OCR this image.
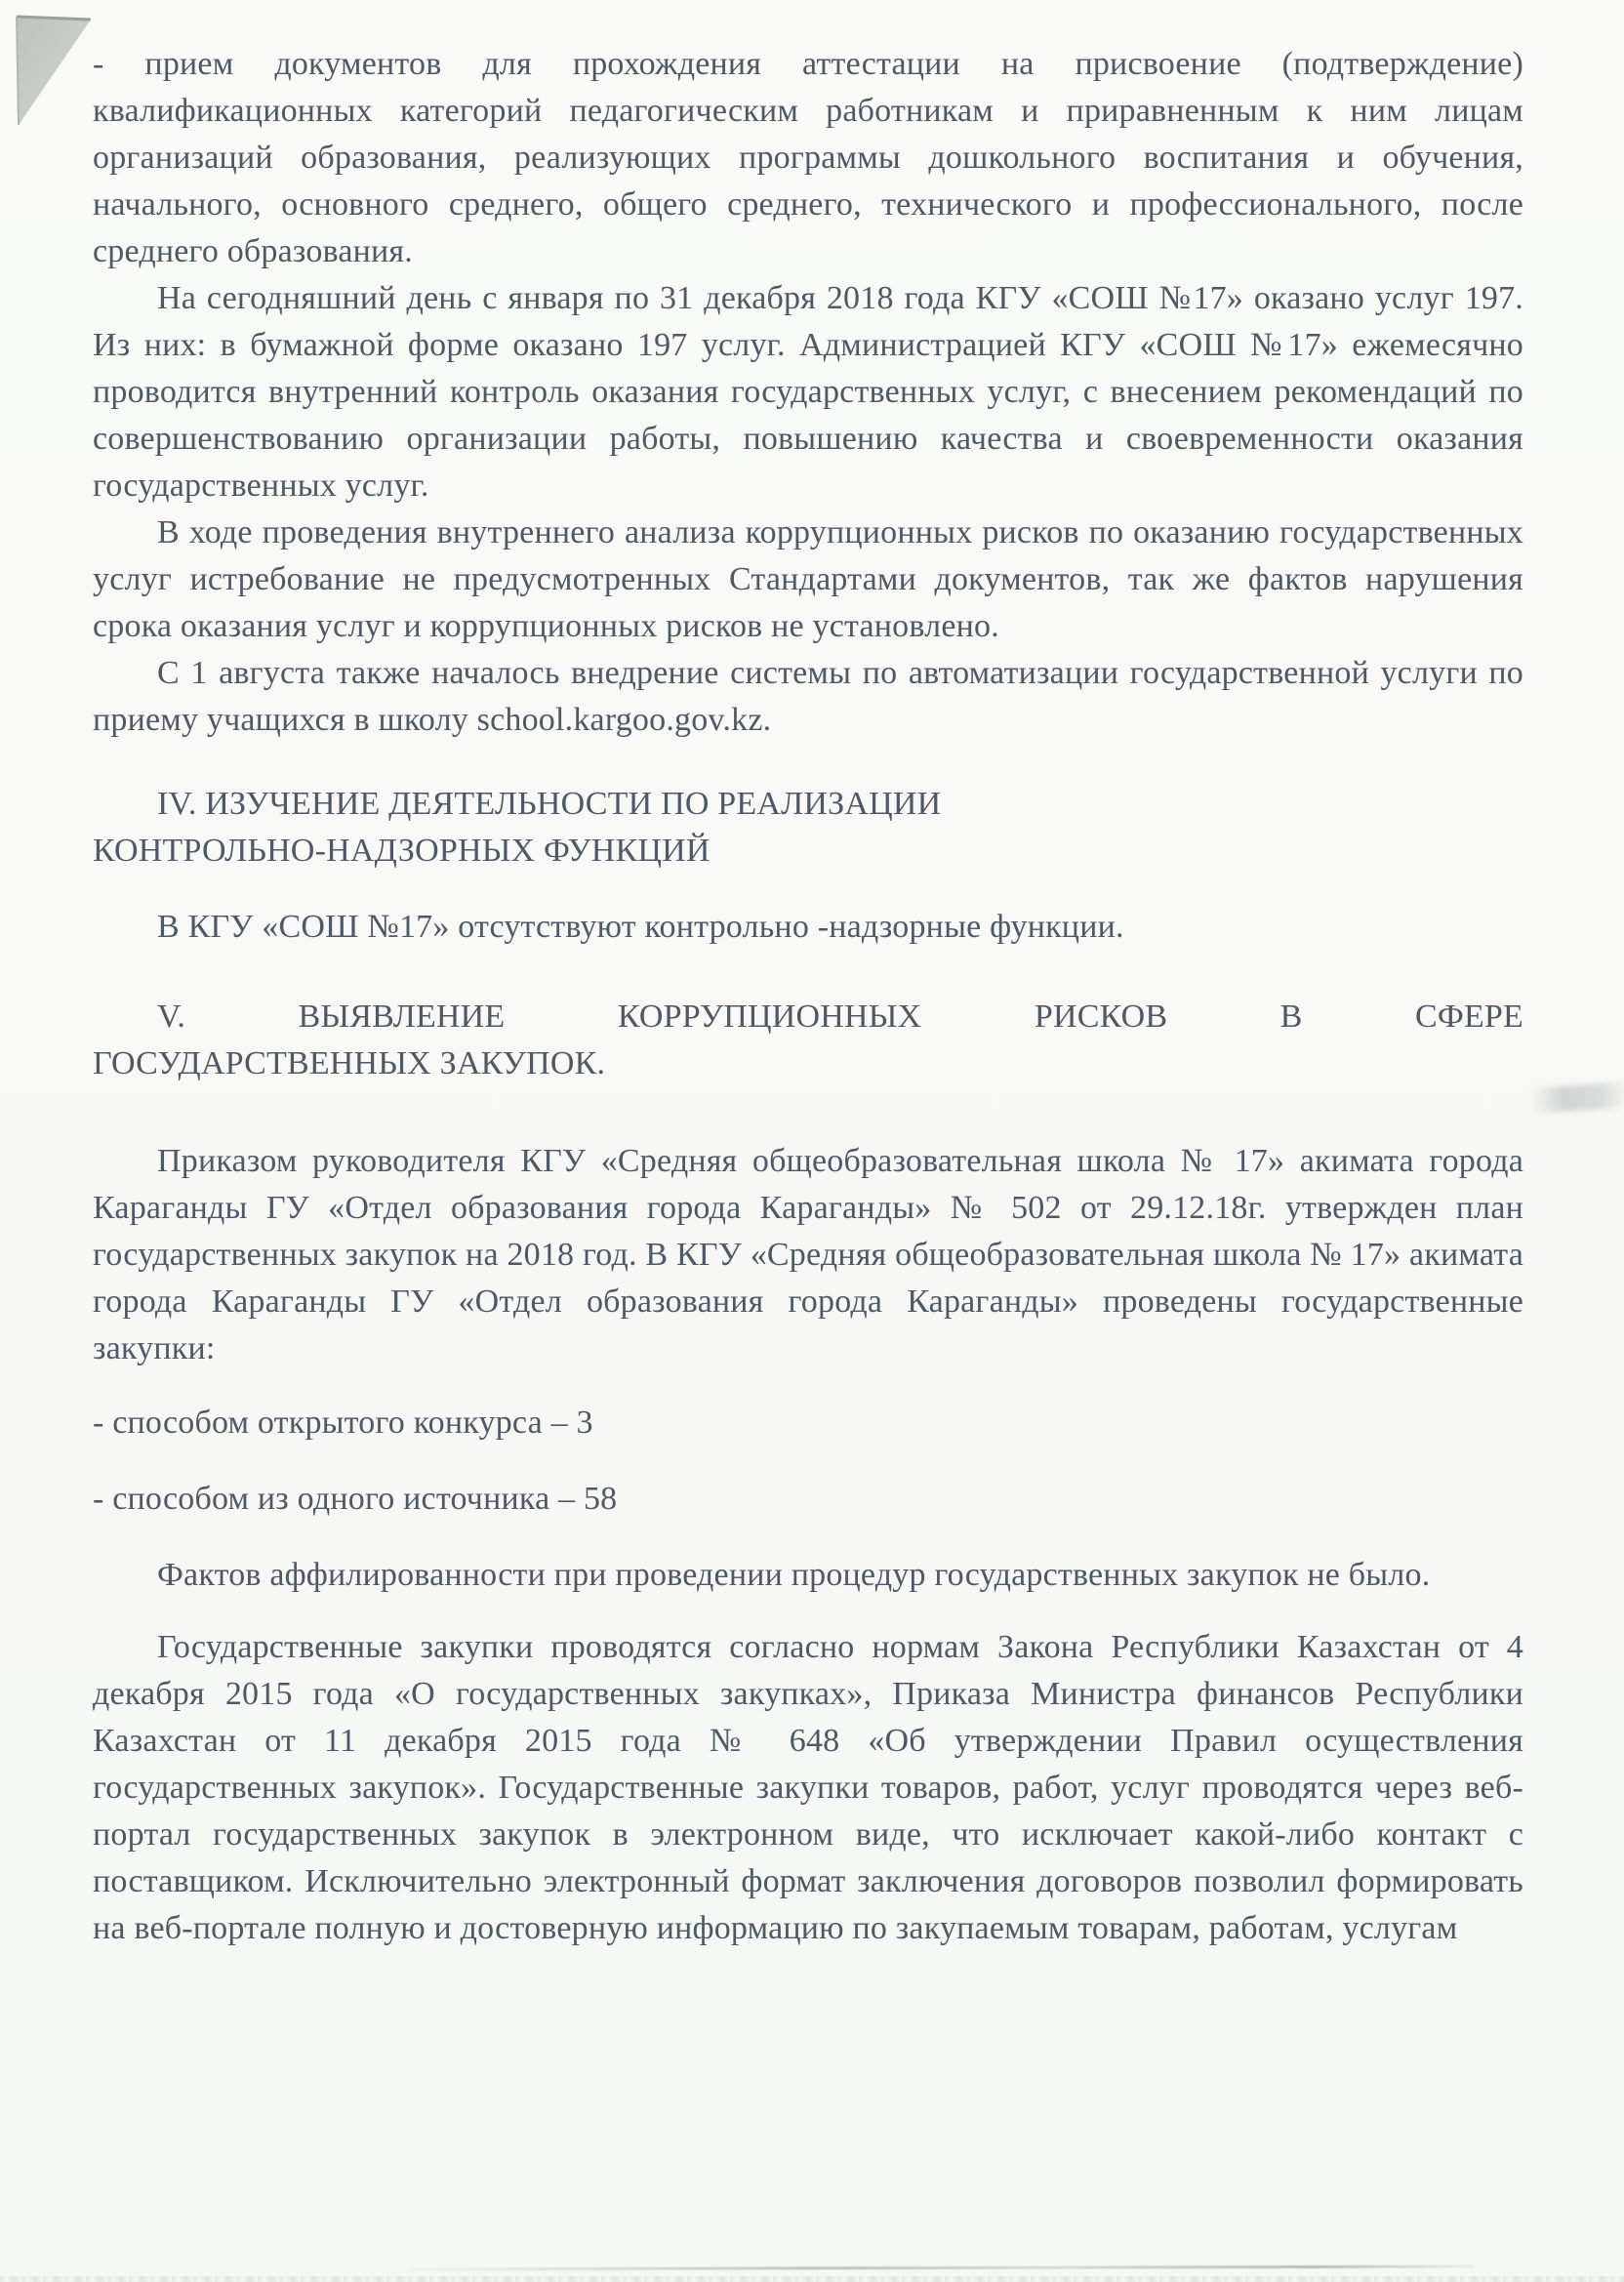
- прием документов для прохождения аттестации на присвоение (подтверждение) квалификационных категорий педагогическим работникам и приравненным к ним лицам организаций образования, реализующих программы дошкольного воспитания и обучения, начального, основного среднего, общего среднего, технического и профессионального, после среднего образования.

На сегодняшний день с января по 31 декабря 2018 года КГУ «СОШ №17» оказано услуг 197. Из них: в бумажной форме оказано 197 услуг. Администрацией КГУ «СОШ №17» ежемесячно проводится внутренний контроль оказания государственных услуг, с внесением рекомендаций по совершенствованию организации работы, повышению качества и своевременности оказания государственных услуг.

В ходе проведения внутреннего анализа коррупционных рисков по оказанию государственных услуг истребование не предусмотренных Стандартами документов, так же фактов нарушения срока оказания услуг и коррупционных рисков не установлено.

С 1 августа также началось внедрение системы по автоматизации государственной услуги по приему учащихся в школу school.kargoo.gov.kz.

IV. ИЗУЧЕНИЕ ДЕЯТЕЛЬНОСТИ ПО РЕАЛИЗАЦИИ
КОНТРОЛЬНО-НАДЗОРНЫХ ФУНКЦИЙ

В КГУ «СОШ №17» отсутствуют контрольно -надзорные функции.

V. ВЫЯВЛЕНИЕ КОРРУПЦИОННЫХ РИСКОВ В СФЕРЕ
ГОСУДАРСТВЕННЫХ ЗАКУПОК.

Приказом руководителя КГУ «Средняя общеобразовательная школа № 17» акимата города Караганды ГУ «Отдел образования города Караганды» № 502 от 29.12.18г. утвержден план государственных закупок на 2018 год. В КГУ «Средняя общеобразовательная школа № 17» акимата города Караганды ГУ «Отдел образования города Караганды» проведены государственные закупки:

- способом открытого конкурса – 3

- способом из одного источника – 58

Фактов аффилированности при проведении процедур государственных закупок не было.

Государственные закупки проводятся согласно нормам Закона Республики Казахстан от 4 декабря 2015 года «О государственных закупках», Приказа Министра финансов Республики Казахстан от 11 декабря 2015 года № 648 «Об утверждении Правил осуществления государственных закупок». Государственные закупки товаров, работ, услуг проводятся через веб-портал государственных закупок в электронном виде, что исключает какой-либо контакт с поставщиком. Исключительно электронный формат заключения договоров позволил формировать на веб-портале полную и достоверную информацию по закупаемым товарам, работам, услугам
